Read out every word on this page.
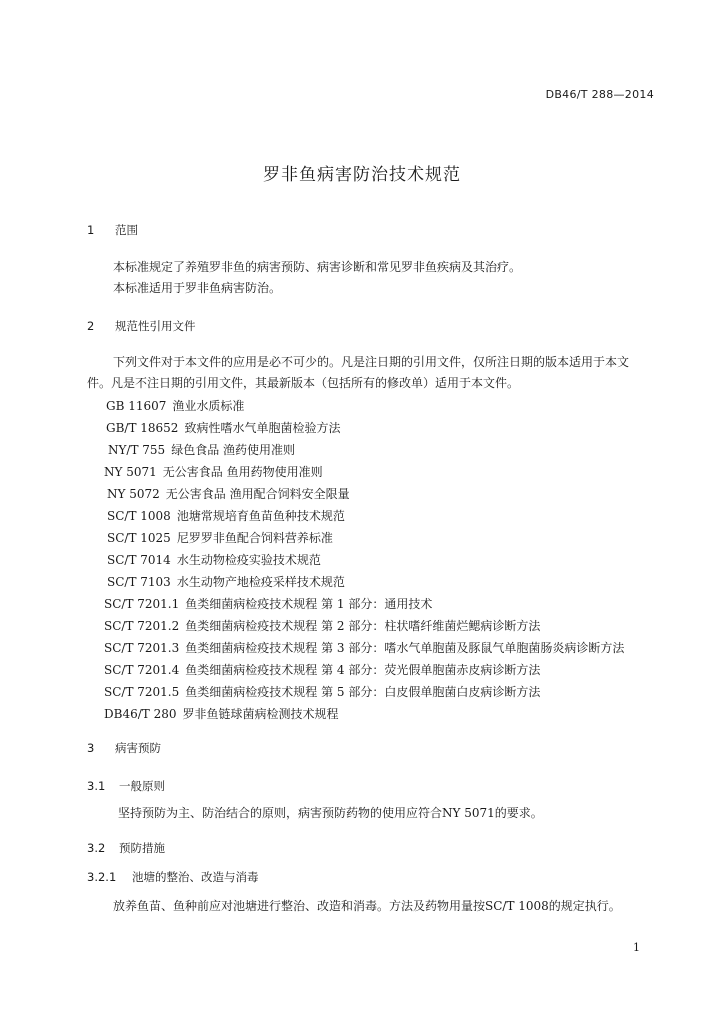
DB46/T 288—2014
罗非鱼病害防治技术规范
1 范围
本标准规定了养殖罗非鱼的病害预防、病害诊断和常见罗非鱼疾病及其治疗。
本标准适用于罗非鱼病害防治。
2 规范性引用文件
下列文件对于本文件的应用是必不可少的。凡是注日期的引用文件，仅所注日期的版本适用于本文
件。凡是不注日期的引用文件，其最新版本（包括所有的修改单）适用于本文件。
GB 11607 渔业水质标准
GB/T 18652 致病性嗜水气单胞菌检验方法
NY/T 755 绿色食品 渔药使用准则
NY 5071 无公害食品 鱼用药物使用准则
NY 5072 无公害食品 渔用配合饲料安全限量
SC/T 1008 池塘常规培育鱼苗鱼种技术规范
SC/T 1025 尼罗罗非鱼配合饲料营养标准
SC/T 7014 水生动物检疫实验技术规范
SC/T 7103 水生动物产地检疫采样技术规范
SC/T 7201.1 鱼类细菌病检疫技术规程 第 1 部分：通用技术
SC/T 7201.2 鱼类细菌病检疫技术规程 第 2 部分：柱状嗜纤维菌烂鳃病诊断方法
SC/T 7201.3 鱼类细菌病检疫技术规程 第 3 部分：嗜水气单胞菌及豚鼠气单胞菌肠炎病诊断方法
SC/T 7201.4 鱼类细菌病检疫技术规程 第 4 部分：荧光假单胞菌赤皮病诊断方法
SC/T 7201.5 鱼类细菌病检疫技术规程 第 5 部分：白皮假单胞菌白皮病诊断方法
DB46/T 280 罗非鱼链球菌病检测技术规程
3 病害预防
3.1 一般原则
坚持预防为主、防治结合的原则，病害预防药物的使用应符合NY 5071的要求。
3.2 预防措施
3.2.1 池塘的整治、改造与消毒
放养鱼苗、鱼种前应对池塘进行整治、改造和消毒。方法及药物用量按SC/T 1008的规定执行。
1
